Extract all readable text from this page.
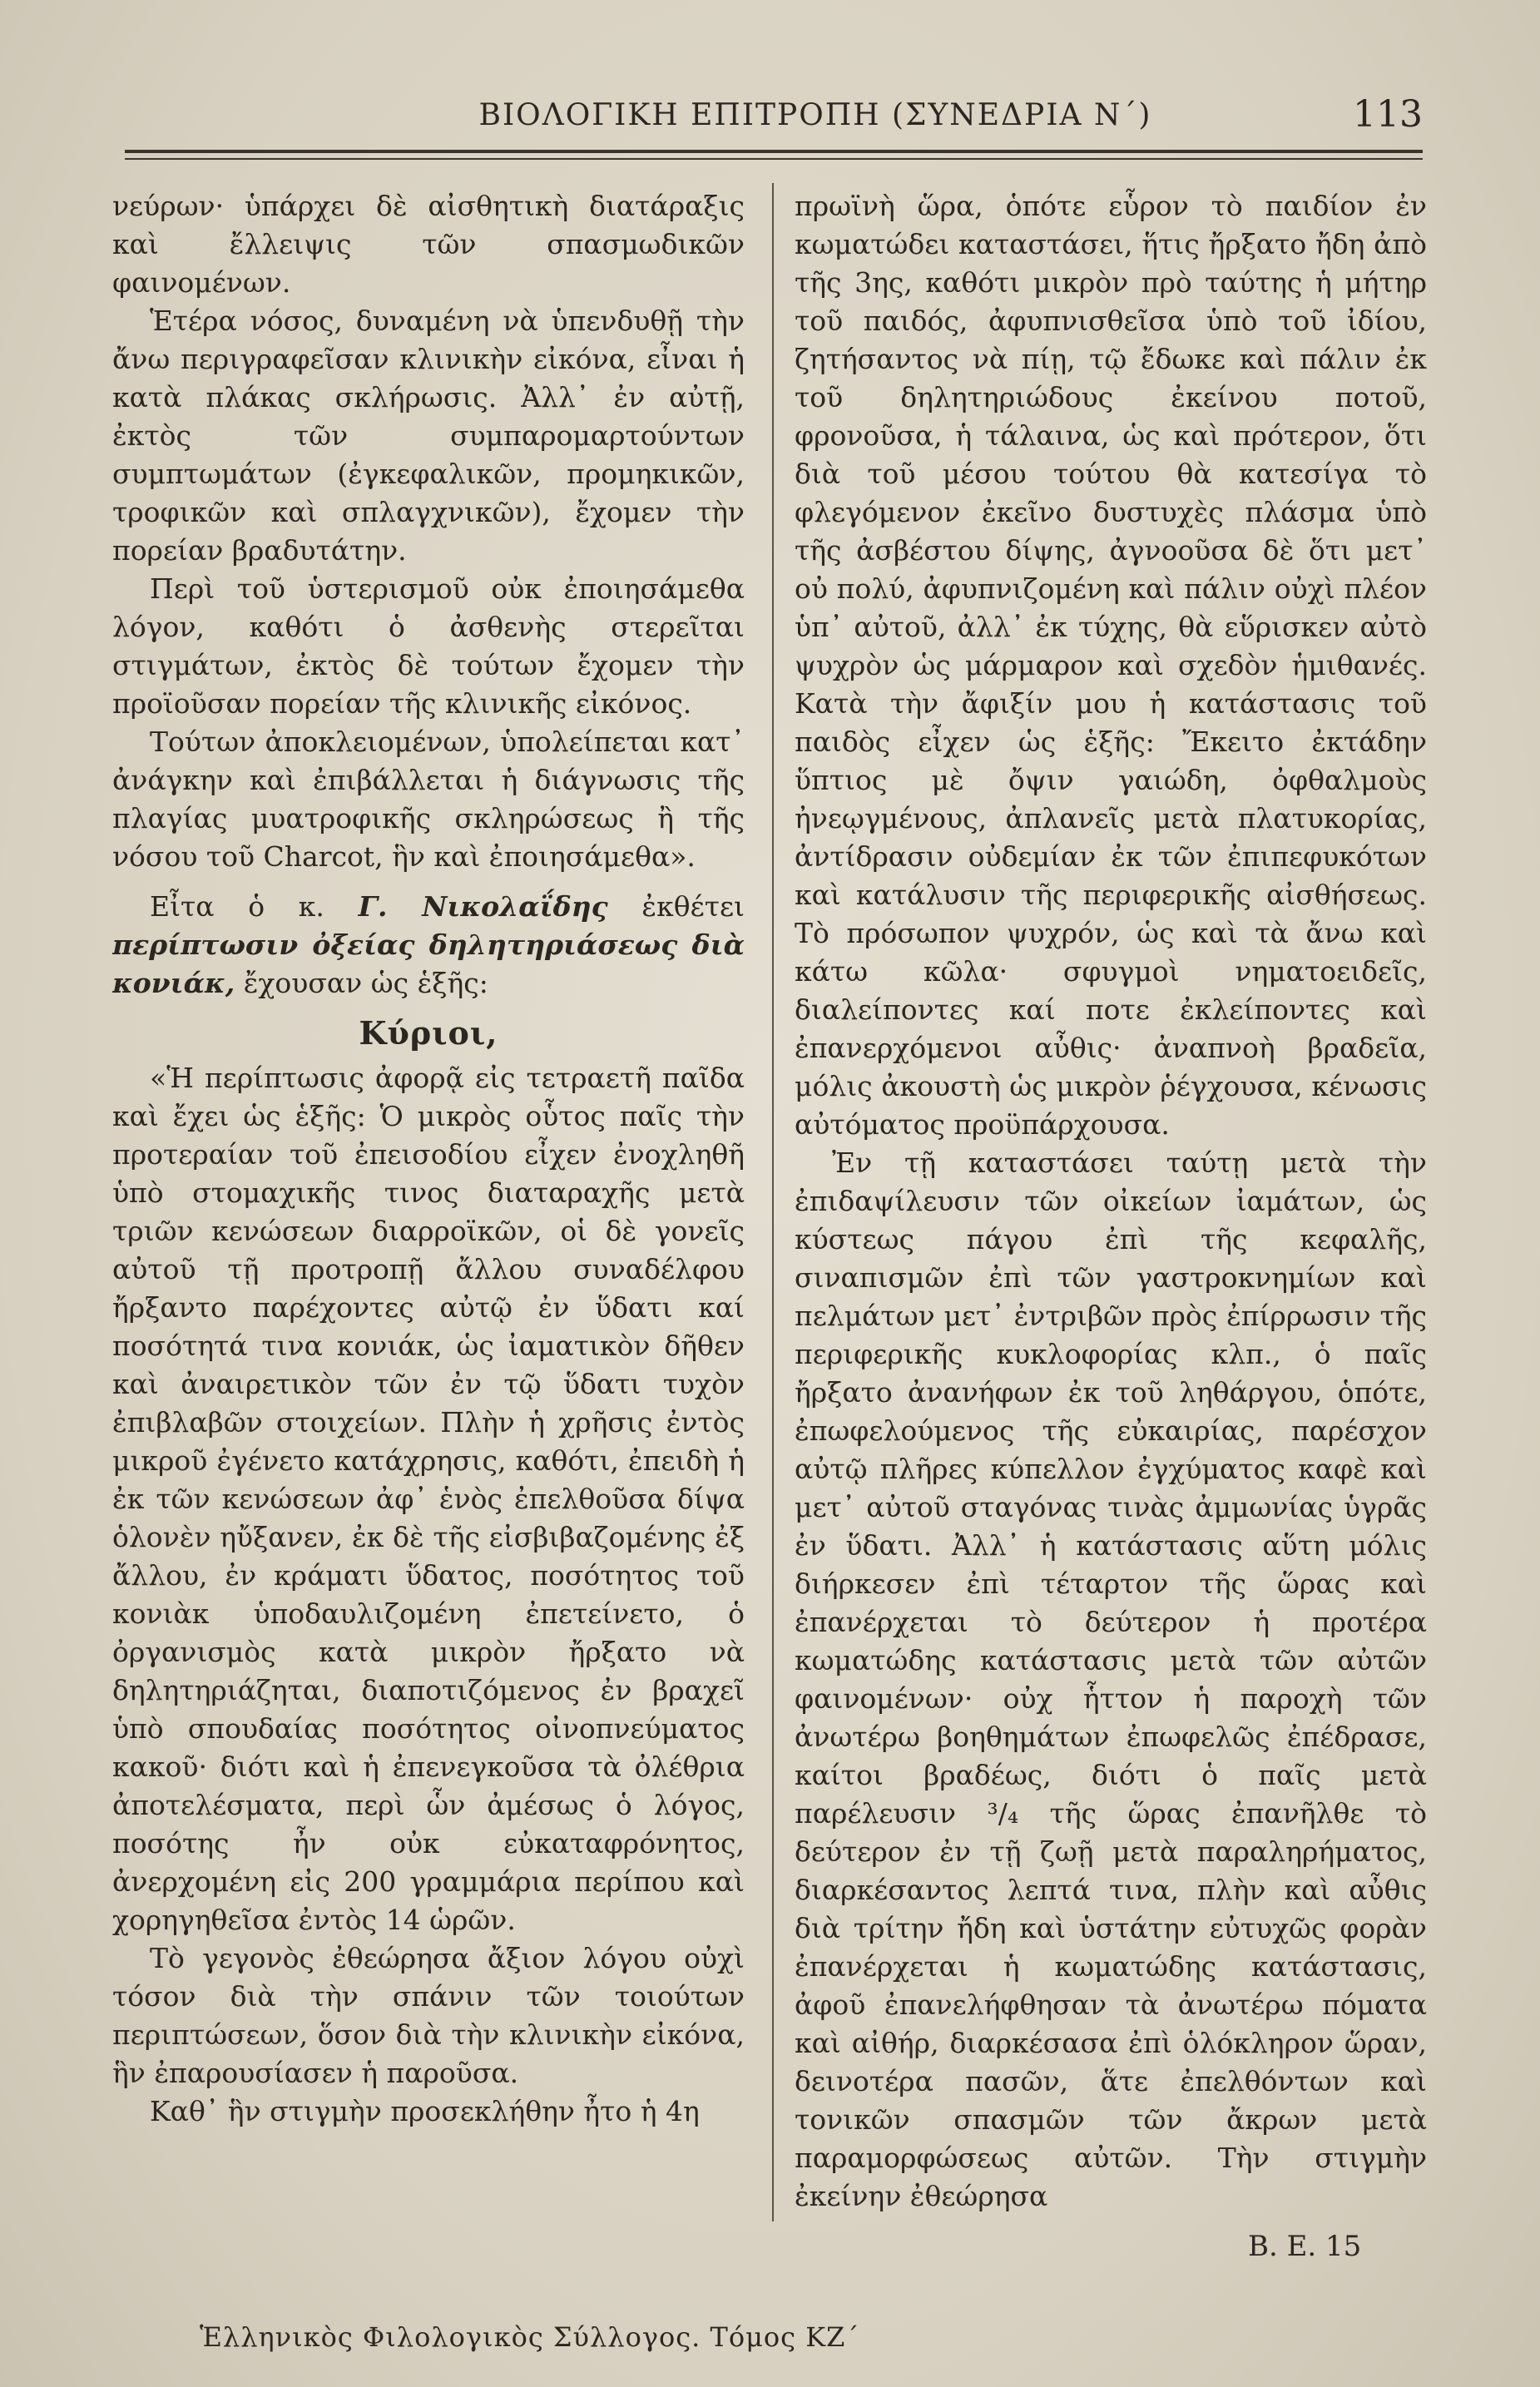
ΒΙΟΛΟΓΙΚΗ ΕΠΙΤΡΟΠΗ (ΣΥΝΕΔΡΙΑ Ν΄)	113

νεύρων· ὑπάρχει δὲ αἰσθητικὴ διατάραξις καὶ ἔλλειψις τῶν σπασμωδικῶν φαινομένων.

Ἑτέρα νόσος, δυναμένη νὰ ὑπενδυθῇ τὴν ἄνω περιγραφεῖσαν κλινικὴν εἰκόνα, εἶναι ἡ κατὰ πλάκας σκλήρωσις. Ἀλλ᾽ ἐν αὐτῇ, ἐκτὸς τῶν συμπαρομαρτούντων συμπτωμάτων (ἐγκεφαλικῶν, προμηκικῶν, τροφικῶν καὶ σπλαγχνικῶν), ἔχομεν τὴν πορείαν βραδυτάτην.

Περὶ τοῦ ὑστερισμοῦ οὐκ ἐποιησάμεθα λόγον, καθότι ὁ ἀσθενὴς στερεῖται στιγμάτων, ἐκτὸς δὲ τούτων ἔχομεν τὴν προϊοῦσαν πορείαν τῆς κλινικῆς εἰκόνος.

Τούτων ἀποκλειομένων, ὑπολείπεται κατ᾽ ἀνάγκην καὶ ἐπιβάλλεται ἡ διάγνωσις τῆς πλαγίας μυατροφικῆς σκληρώσεως ἢ τῆς νόσου τοῦ Charcot, ἣν καὶ ἐποιησάμεθα».

Εἶτα ὁ κ. Γ. Νικολαΐδης ἐκθέτει περίπτωσιν ὀξείας δηλητηριάσεως διὰ κονιάκ, ἔχουσαν ὡς ἑξῆς:

Κύριοι,

«Ἡ περίπτωσις ἀφορᾷ εἰς τετραετῆ παῖδα καὶ ἔχει ὡς ἑξῆς: Ὁ μικρὸς οὗτος παῖς τὴν προτεραίαν τοῦ ἐπεισοδίου εἶχεν ἐνοχληθῆ ὑπὸ στομαχικῆς τινος διαταραχῆς μετὰ τριῶν κενώσεων διαρροϊκῶν, οἱ δὲ γονεῖς αὐτοῦ τῇ προτροπῇ ἄλλου συναδέλφου ἤρξαντο παρέχοντες αὐτῷ ἐν ὕδατι καί ποσότητά τινα κονιάκ, ὡς ἰαματικὸν δῆθεν καὶ ἀναιρετικὸν τῶν ἐν τῷ ὕδατι τυχὸν ἐπιβλαβῶν στοιχείων. Πλὴν ἡ χρῆσις ἐντὸς μικροῦ ἐγένετο κατάχρησις, καθότι, ἐπειδὴ ἡ ἐκ τῶν κενώσεων ἀφ᾽ ἑνὸς ἐπελθοῦσα δίψα ὁλονὲν ηὔξανεν, ἐκ δὲ τῆς εἰσβιβαζομένης ἐξ ἄλλου, ἐν κράματι ὕδατος, ποσότητος τοῦ κονιὰκ ὑποδαυλιζομένη ἐπετείνετο, ὁ ὀργανισμὸς κατὰ μικρὸν ἤρξατο νὰ δηλητηριάζηται, διαποτιζόμενος ἐν βραχεῖ ὑπὸ σπουδαίας ποσότητος οἰνοπνεύματος κακοῦ· διότι καὶ ἡ ἐπενεγκοῦσα τὰ ὀλέθρια ἀποτελέσματα, περὶ ὧν ἀμέσως ὁ λόγος, ποσότης ἦν οὐκ εὐκαταφρόνητος, ἀνερχομένη εἰς 200 γραμμάρια περίπου καὶ χορηγηθεῖσα ἐντὸς 14 ὡρῶν.

Τὸ γεγονὸς ἐθεώρησα ἄξιον λόγου οὐχὶ τόσον διὰ τὴν σπάνιν τῶν τοιούτων περιπτώσεων, ὅσον διὰ τὴν κλινικὴν εἰκόνα, ἣν ἐπαρουσίασεν ἡ παροῦσα.

Καθ᾽ ἣν στιγμὴν προσεκλήθην ἦτο ἡ 4η

πρωϊνὴ ὥρα, ὁπότε εὗρον τὸ παιδίον ἐν κωματώδει καταστάσει, ἥτις ἤρξατο ἤδη ἀπὸ τῆς 3ης, καθότι μικρὸν πρὸ ταύτης ἡ μήτηρ τοῦ παιδός, ἀφυπνισθεῖσα ὑπὸ τοῦ ἰδίου, ζητήσαντος νὰ πίῃ, τῷ ἔδωκε καὶ πάλιν ἐκ τοῦ δηλητηριώδους ἐκείνου ποτοῦ, φρονοῦσα, ἡ τάλαινα, ὡς καὶ πρότερον, ὅτι διὰ τοῦ μέσου τούτου θὰ κατεσίγα τὸ φλεγόμενον ἐκεῖνο δυστυχὲς πλάσμα ὑπὸ τῆς ἀσβέστου δίψης, ἀγνοοῦσα δὲ ὅτι μετ᾽ οὐ πολύ, ἀφυπνιζομένη καὶ πάλιν οὐχὶ πλέον ὑπ᾽ αὐτοῦ, ἀλλ᾽ ἐκ τύχης, θὰ εὕρισκεν αὐτὸ ψυχρὸν ὡς μάρμαρον καὶ σχεδὸν ἡμιθανές. Κατὰ τὴν ἄφιξίν μου ἡ κατάστασις τοῦ παιδὸς εἶχεν ὡς ἑξῆς: Ἔκειτο ἐκτάδην ὕπτιος μὲ ὄψιν γαιώδη, ὀφθαλμοὺς ἠνεῳγμένους, ἀπλανεῖς μετὰ πλατυκορίας, ἀντίδρασιν οὐδεμίαν ἐκ τῶν ἐπιπεφυκότων καὶ κατάλυσιν τῆς περιφερικῆς αἰσθήσεως. Τὸ πρόσωπον ψυχρόν, ὡς καὶ τὰ ἄνω καὶ κάτω κῶλα· σφυγμοὶ νηματοειδεῖς, διαλείποντες καί ποτε ἐκλείποντες καὶ ἐπανερχόμενοι αὖθις· ἀναπνοὴ βραδεῖα, μόλις ἀκουστὴ ὡς μικρὸν ῥέγχουσα, κένωσις αὐτόματος προϋπάρχουσα.

Ἐν τῇ καταστάσει ταύτῃ μετὰ τὴν ἐπιδαψίλευσιν τῶν οἰκείων ἰαμάτων, ὡς κύστεως πάγου ἐπὶ τῆς κεφαλῆς, σιναπισμῶν ἐπὶ τῶν γαστροκνημίων καὶ πελμάτων μετ᾽ ἐντριβῶν πρὸς ἐπίρρωσιν τῆς περιφερικῆς κυκλοφορίας κλπ., ὁ παῖς ἤρξατο ἀνανήφων ἐκ τοῦ ληθάργου, ὁπότε, ἐπωφελούμενος τῆς εὐκαιρίας, παρέσχον αὐτῷ πλῆρες κύπελλον ἐγχύματος καφὲ καὶ μετ᾽ αὐτοῦ σταγόνας τινὰς ἀμμωνίας ὑγρᾶς ἐν ὕδατι. Ἀλλ᾽ ἡ κατάστασις αὕτη μόλις διήρκεσεν ἐπὶ τέταρτον τῆς ὥρας καὶ ἐπανέρχεται τὸ δεύτερον ἡ προτέρα κωματώδης κατάστασις μετὰ τῶν αὐτῶν φαινομένων· οὐχ ἧττον ἡ παροχὴ τῶν ἀνωτέρω βοηθημάτων ἐπωφελῶς ἐπέδρασε, καίτοι βραδέως, διότι ὁ παῖς μετὰ παρέλευσιν ³/₄ τῆς ὥρας ἐπανῆλθε τὸ δεύτερον ἐν τῇ ζωῇ μετὰ παραληρήματος, διαρκέσαντος λεπτά τινα, πλὴν καὶ αὖθις διὰ τρίτην ἤδη καὶ ὑστάτην εὐτυχῶς φορὰν ἐπανέρχεται ἡ κωματώδης κατάστασις, ἀφοῦ ἐπανελήφθησαν τὰ ἀνωτέρω πόματα καὶ αἰθήρ, διαρκέσασα ἐπὶ ὁλόκληρον ὥραν, δεινοτέρα πασῶν, ἅτε ἐπελθόντων καὶ τονικῶν σπασμῶν τῶν ἄκρων μετὰ παραμορφώσεως αὐτῶν. Τὴν στιγμὴν ἐκείνην ἐθεώρησα

Β. Ε. 15
Ἑλληνικὸς Φιλολογικὸς Σύλλογος. Τόμος ΚΖ΄
